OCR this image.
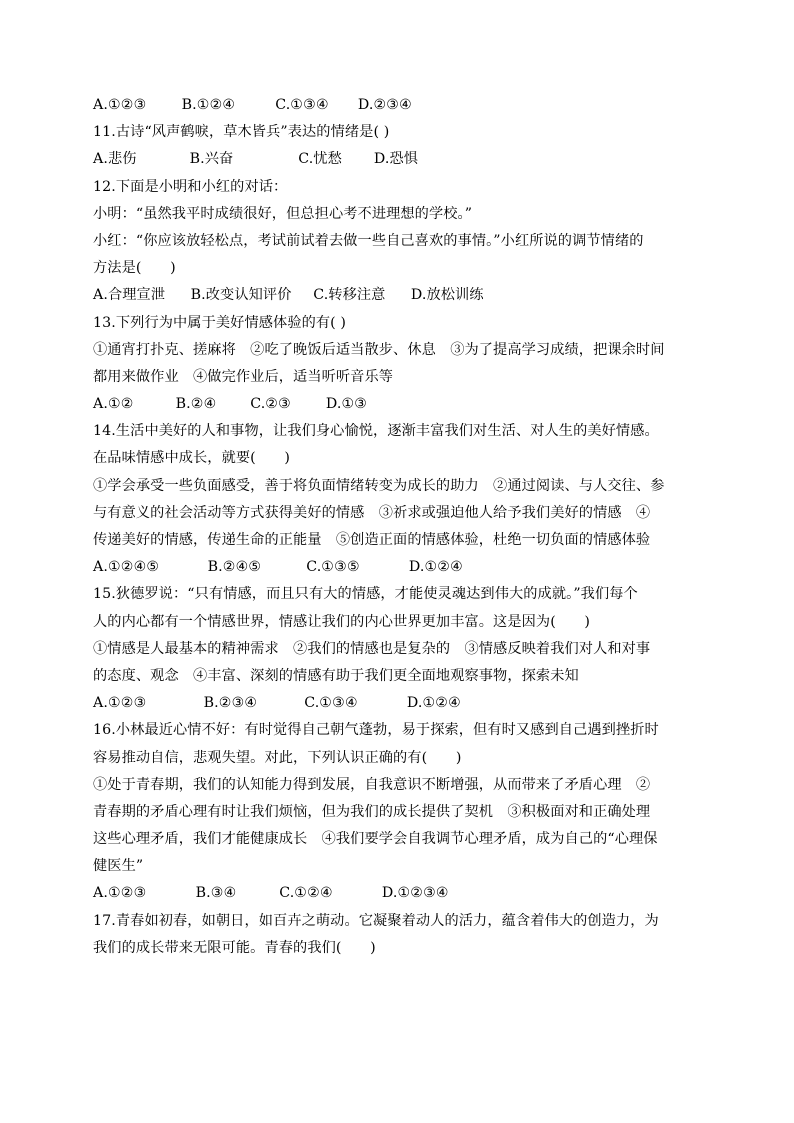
A.①②③ B.①②④	C.①③④ D.②③④
11.古诗“风声鹤唳，草木皆兵”表达的情绪是( )
A.悲伤	B.兴奋	C.忧愁 D.恐惧
12.下面是小明和小红的对话：
小明：“虽然我平时成绩很好，但总担心考不进理想的学校。”
小红：“你应该放轻松点，考试前试着去做一些自己喜欢的事情。”小红所说的调节情绪的
方法是(　　)
A.合理宣泄 B.改变认知评价 C.转移注意 D.放松训练
13.下列行为中属于美好情感体验的有( )
①通宵打扑克、搓麻将　②吃了晚饭后适当散步、休息　③为了提高学习成绩，把课余时间
都用来做作业　④做完作业后，适当听听音乐等
A.①②	B.②④ C.②③ D.①③
14.生活中美好的人和事物，让我们身心愉悦，逐渐丰富我们对生活、对人生的美好情感。
在品味情感中成长，就要(　　)
①学会承受一些负面感受，善于将负面情绪转变为成长的助力　②通过阅读、与人交往、参
与有意义的社会活动等方式获得美好的情感　③祈求或强迫他人给予我们美好的情感　④
传递美好的情感，传递生命的正能量　⑤创造正面的情感体验，杜绝一切负面的情感体验
A.①②④⑤	B.②④⑤	C.①③⑤	D.①②④
15.狄德罗说：“只有情感，而且只有大的情感，才能使灵魂达到伟大的成就。”我们每个
人的内心都有一个情感世界，情感让我们的内心世界更加丰富。这是因为(　　)
①情感是人最基本的精神需求　②我们的情感也是复杂的　③情感反映着我们对人和对事
的态度、观念　④丰富、深刻的情感有助于我们更全面地观察事物，探索未知
A.①②③	B.②③④	C.①③④	D.①②④
16.小林最近心情不好：有时觉得自己朝气蓬勃，易于探索，但有时又感到自己遇到挫折时
容易推动自信，悲观失望。对此，下列认识正确的有(　　)
①处于青春期，我们的认知能力得到发展，自我意识不断增强，从而带来了矛盾心理　②
青春期的矛盾心理有时让我们烦恼，但为我们的成长提供了契机　③积极面对和正确处理
这些心理矛盾，我们才能健康成长　④我们要学会自我调节心理矛盾，成为自己的“心理保
健医生”
A.①②③	B.③④	C.①②④	D.①②③④
17.青春如初春，如朝日，如百卉之萌动。它凝聚着动人的活力，蕴含着伟大的创造力，为
我们的成长带来无限可能。青春的我们(　　)
